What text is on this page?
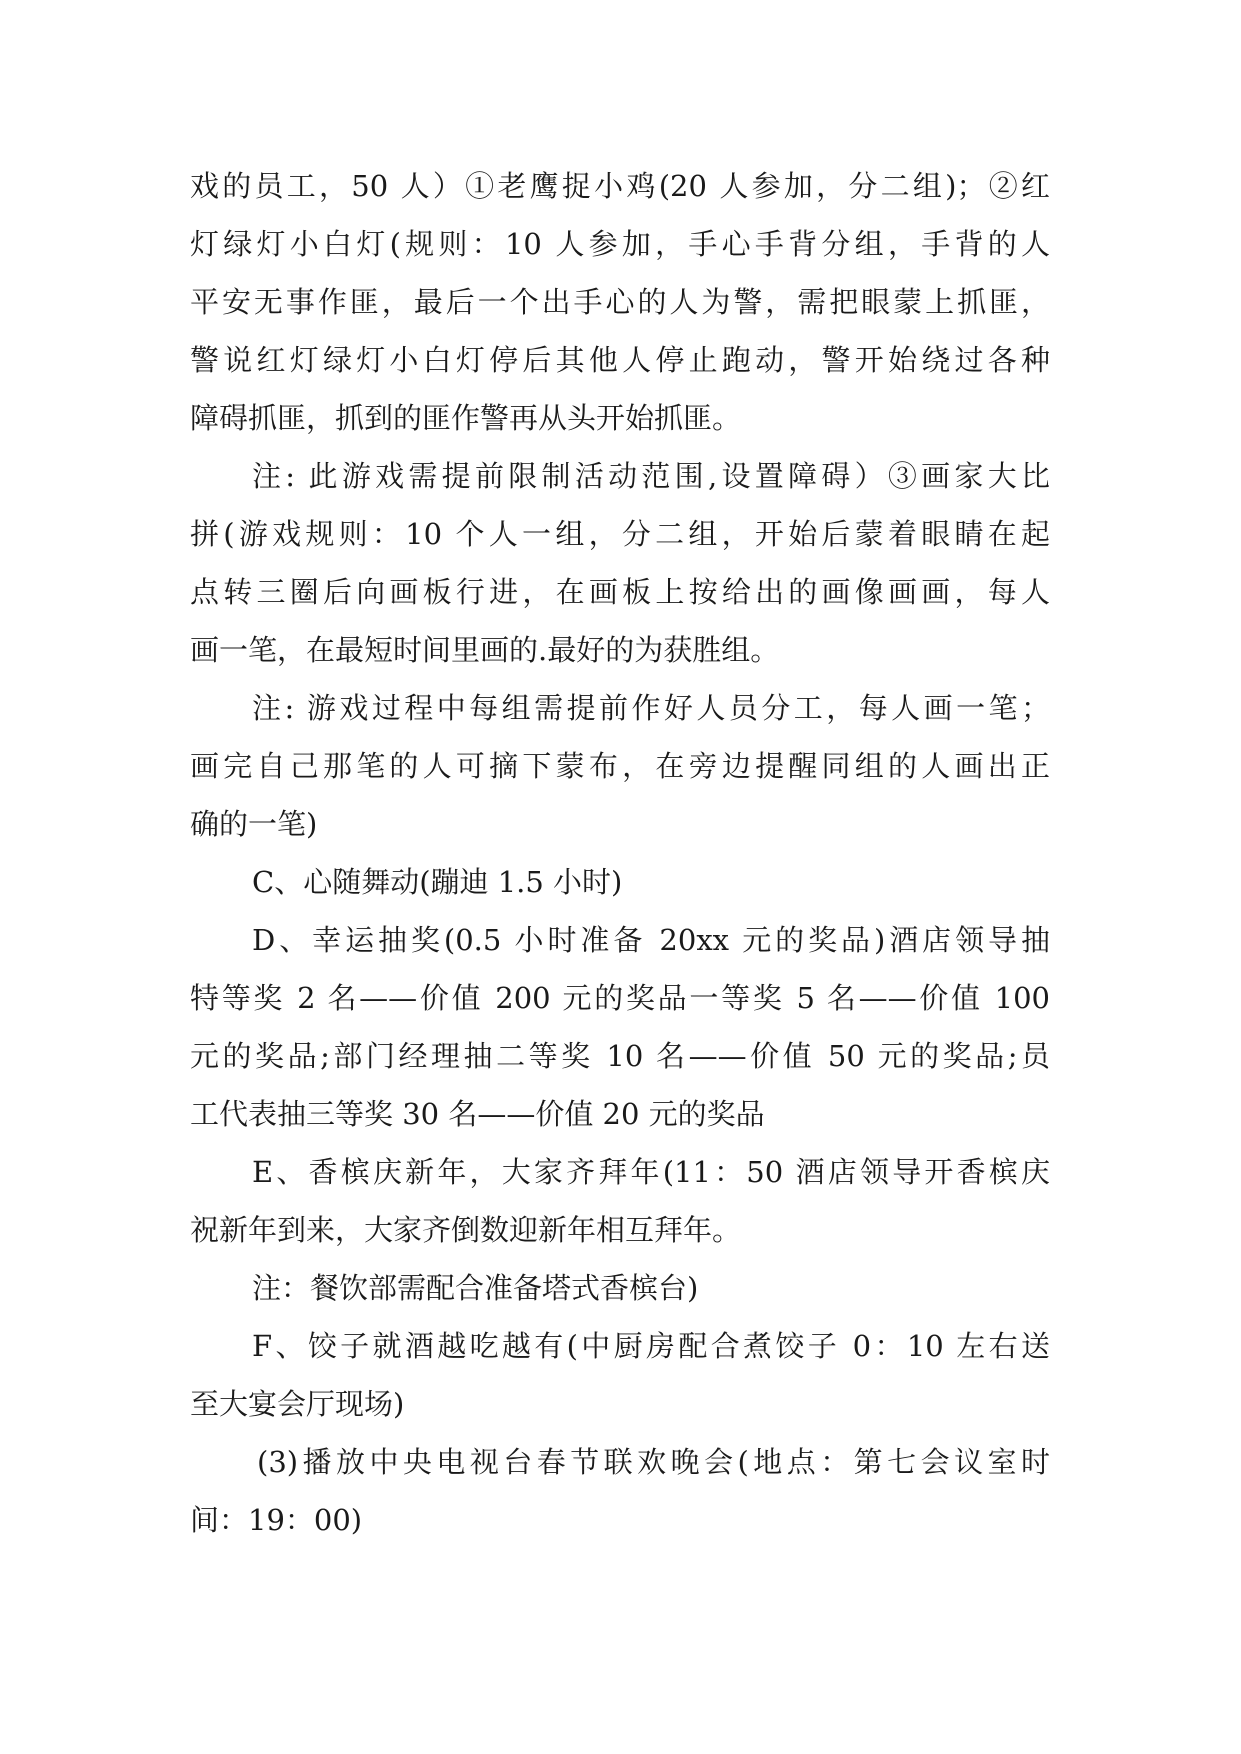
戏的员工，50 人）①老鹰捉小鸡(20 人参加，分二组)；②红
灯绿灯小白灯(规则：10 人参加，手心手背分组，手背的人
平安无事作匪，最后一个出手心的人为警，需把眼蒙上抓匪，
警说红灯绿灯小白灯停后其他人停止跑动，警开始绕过各种
障碍抓匪，抓到的匪作警再从头开始抓匪。
注: 此游戏需提前限制活动范围,设置障碍）③画家大比
拼(游戏规则：10 个人一组，分二组，开始后蒙着眼睛在起
点转三圈后向画板行进，在画板上按给出的画像画画，每人
画一笔，在最短时间里画的.最好的为获胜组。
注: 游戏过程中每组需提前作好人员分工，每人画一笔；
画完自己那笔的人可摘下蒙布，在旁边提醒同组的人画出正
确的一笔)
C、心随舞动(蹦迪 1.5 小时)
D、幸运抽奖(0.5 小时准备 20xx 元的奖品)酒店领导抽
特等奖 2 名——价值 200 元的奖品一等奖 5 名——价值 100
元的奖品;部门经理抽二等奖 10 名——价值 50 元的奖品;员
工代表抽三等奖 30 名——价值 20 元的奖品
E、香槟庆新年，大家齐拜年(11：50 酒店领导开香槟庆
祝新年到来，大家齐倒数迎新年相互拜年。
注：餐饮部需配合准备塔式香槟台)
F、饺子就酒越吃越有(中厨房配合煮饺子 0：10 左右送
至大宴会厅现场)
(3)播放中央电视台春节联欢晚会(地点：第七会议室时
间：19：00)
